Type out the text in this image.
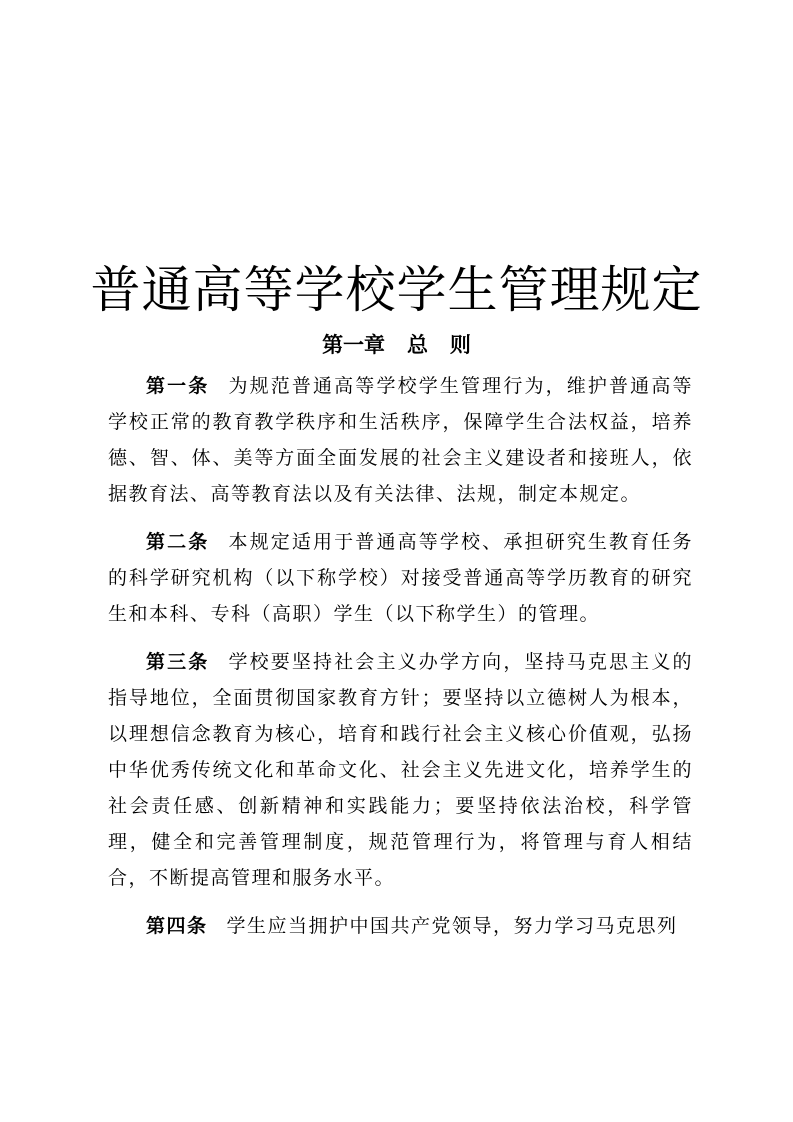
普通高等学校学生管理规定
第一章   总   则

第一条 为规范普通高等学校学生管理行为，维护普通高等学校正常的教育教学秩序和生活秩序，保障学生合法权益，培养德、智、体、美等方面全面发展的社会主义建设者和接班人，依据教育法、高等教育法以及有关法律、法规，制定本规定。

第二条 本规定适用于普通高等学校、承担研究生教育任务的科学研究机构（以下称学校）对接受普通高等学历教育的研究生和本科、专科（高职）学生（以下称学生）的管理。

第三条 学校要坚持社会主义办学方向，坚持马克思主义的指导地位，全面贯彻国家教育方针；要坚持以立德树人为根本，以理想信念教育为核心，培育和践行社会主义核心价值观，弘扬中华优秀传统文化和革命文化、社会主义先进文化，培养学生的社会责任感、创新精神和实践能力；要坚持依法治校，科学管理，健全和完善管理制度，规范管理行为，将管理与育人相结合，不断提高管理和服务水平。

第四条 学生应当拥护中国共产党领导，努力学习马克思列
